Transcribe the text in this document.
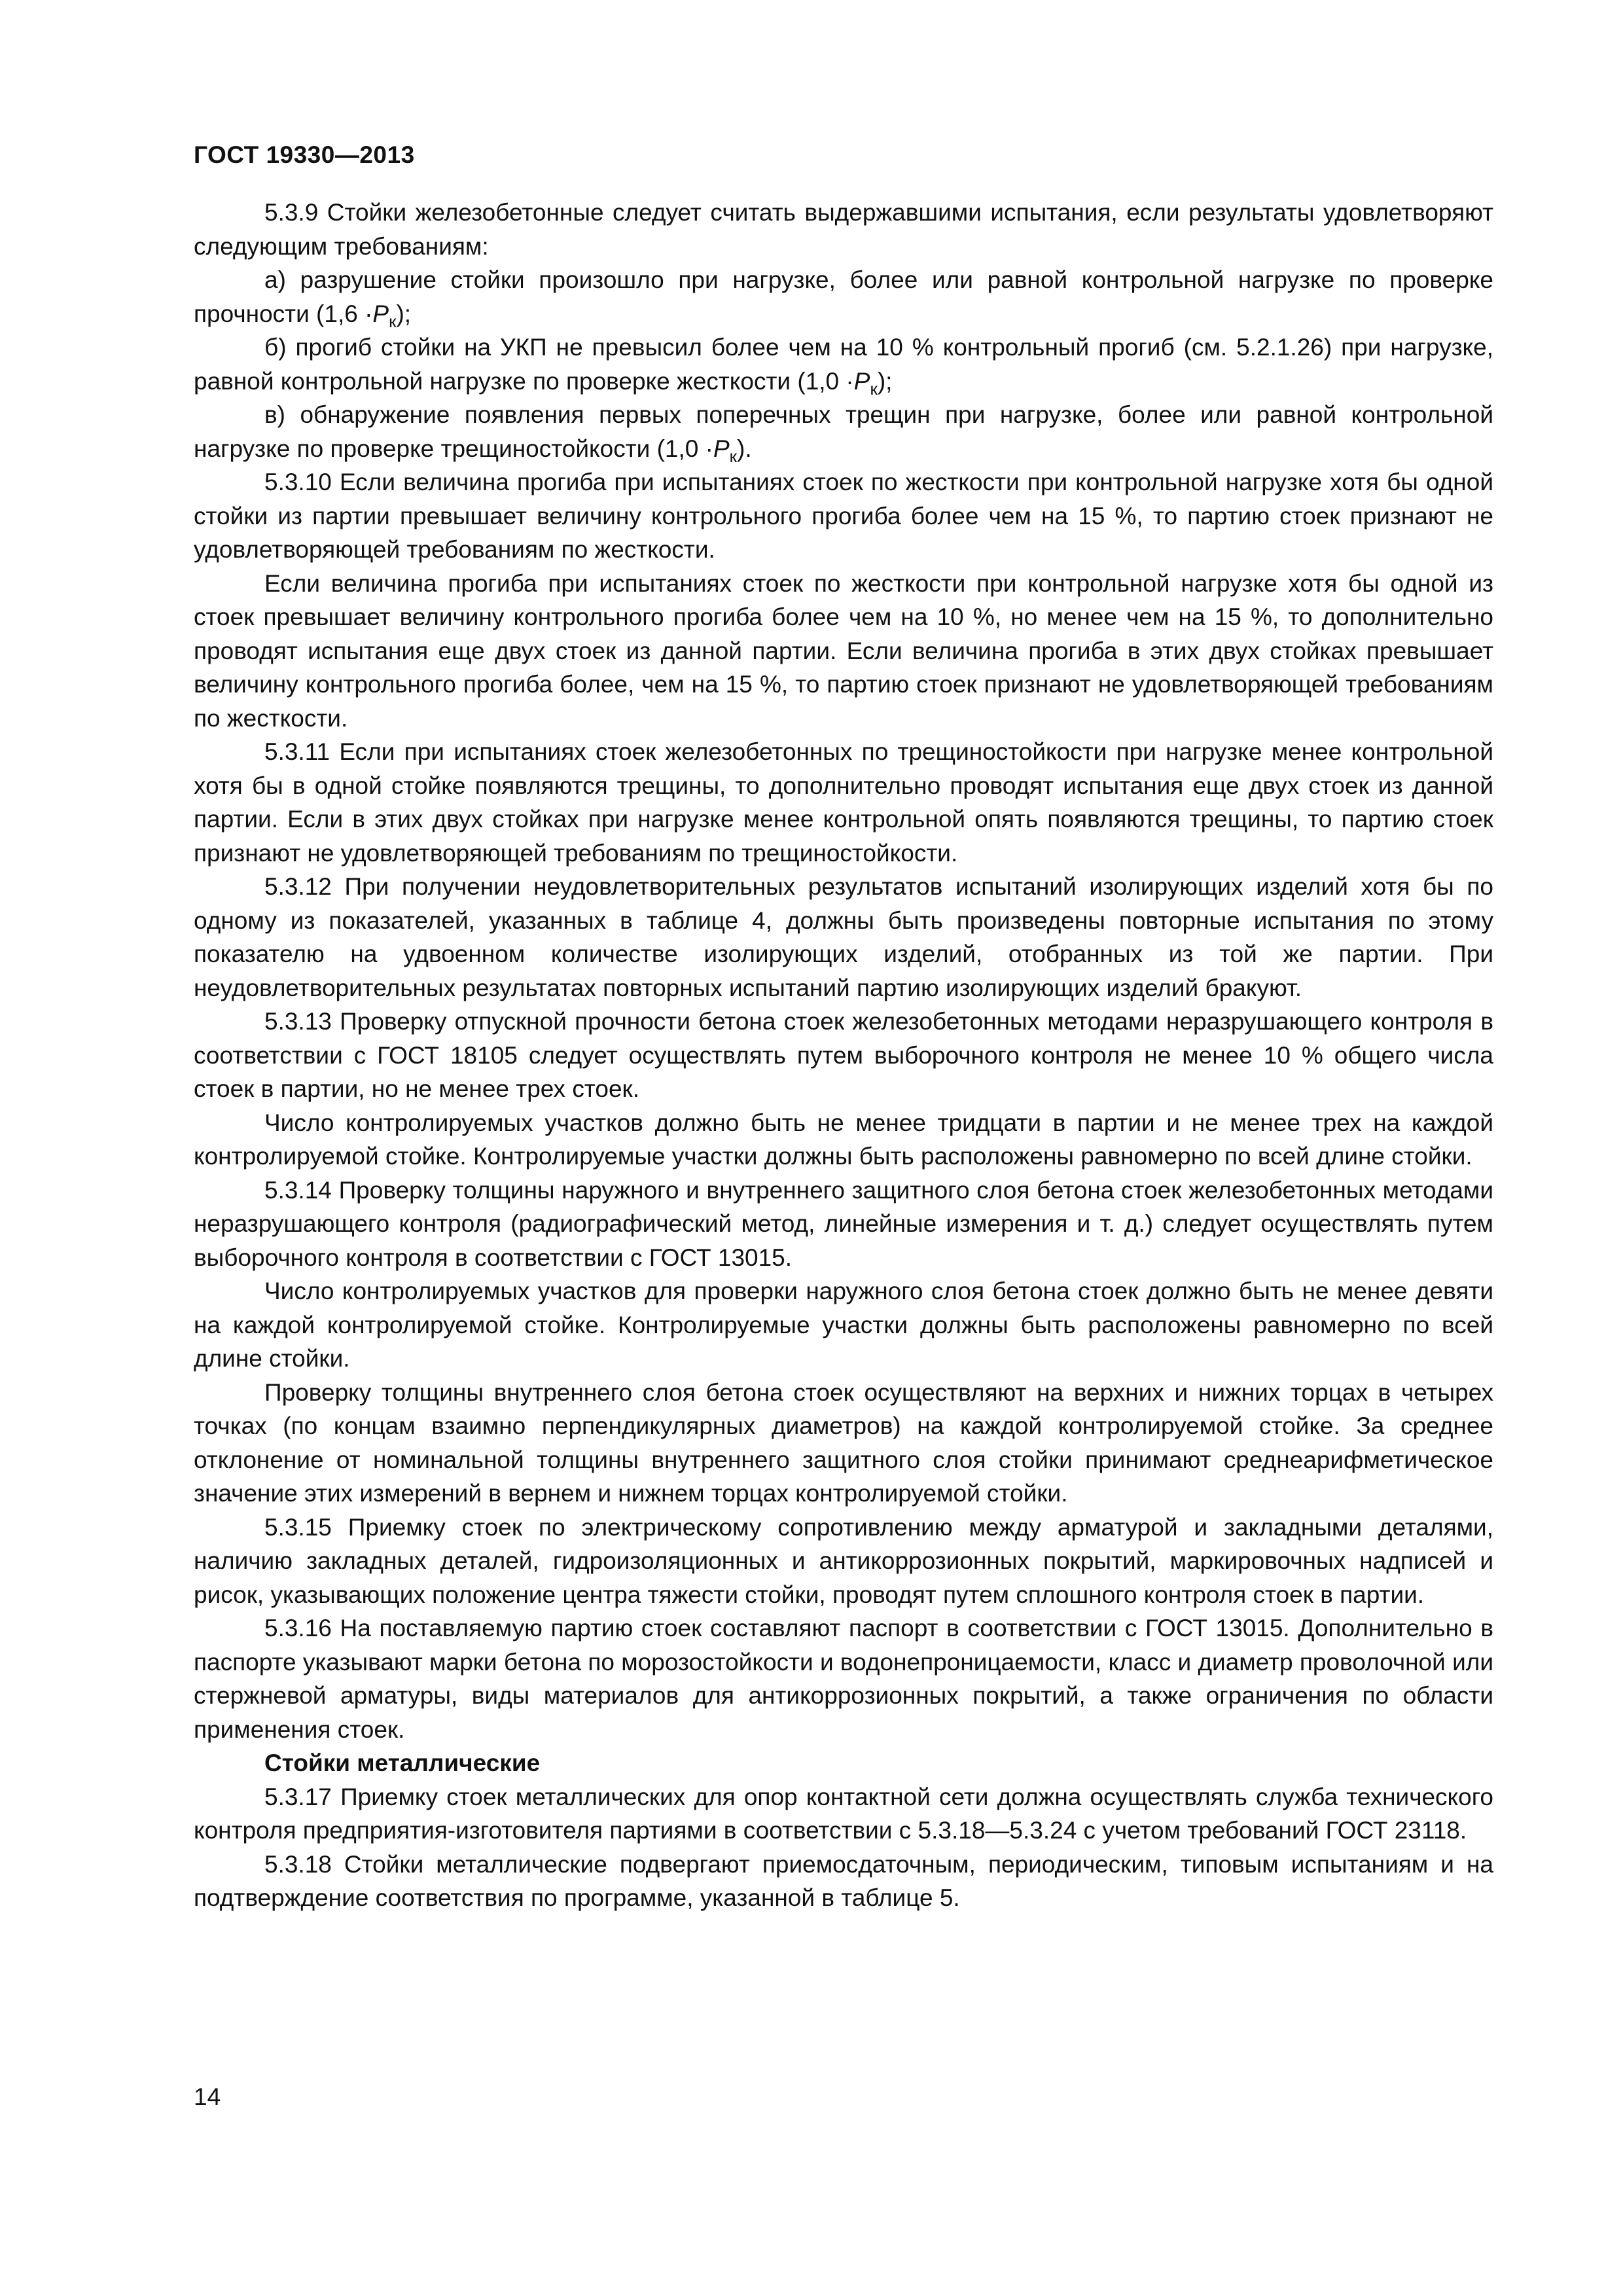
ГОСТ 19330—2013

5.3.9 Стойки железобетонные следует считать выдержавшими испытания, если результаты удовлетворяют следующим требованиям:

а) разрушение стойки произошло при нагрузке, более или равной контрольной нагрузке по проверке прочности $(1,6 \cdot P_к)$;

б) прогиб стойки на УКП не превысил более чем на 10 % контрольный прогиб (см. 5.2.1.26) при нагрузке, равной контрольной нагрузке по проверке жесткости $(1,0 \cdot P_к)$;

в) обнаружение появления первых поперечных трещин при нагрузке, более или равной контрольной нагрузке по проверке трещиностойкости $(1,0 \cdot P_к)$.

5.3.10 Если величина прогиба при испытаниях стоек по жесткости при контрольной нагрузке хотя бы одной стойки из партии превышает величину контрольного прогиба более чем на 15 %, то партию стоек признают не удовлетворяющей требованиям по жесткости.

Если величина прогиба при испытаниях стоек по жесткости при контрольной нагрузке хотя бы одной из стоек превышает величину контрольного прогиба более чем на 10 %, но менее чем на 15 %, то дополнительно проводят испытания еще двух стоек из данной партии. Если величина прогиба в этих двух стойках превышает величину контрольного прогиба более, чем на 15 %, то партию стоек признают не удовлетворяющей требованиям по жесткости.

5.3.11 Если при испытаниях стоек железобетонных по трещиностойкости при нагрузке менее контрольной хотя бы в одной стойке появляются трещины, то дополнительно проводят испытания еще двух стоек из данной партии. Если в этих двух стойках при нагрузке менее контрольной опять появляются трещины, то партию стоек признают не удовлетворяющей требованиям по трещиностойкости.

5.3.12 При получении неудовлетворительных результатов испытаний изолирующих изделий хотя бы по одному из показателей, указанных в таблице 4, должны быть произведены повторные испытания по этому показателю на удвоенном количестве изолирующих изделий, отобранных из той же партии. При неудовлетворительных результатах повторных испытаний партию изолирующих изделий бракуют.

5.3.13 Проверку отпускной прочности бетона стоек железобетонных методами неразрушающего контроля в соответствии с ГОСТ 18105 следует осуществлять путем выборочного контроля не менее 10 % общего числа стоек в партии, но не менее трех стоек.

Число контролируемых участков должно быть не менее тридцати в партии и не менее трех на каждой контролируемой стойке. Контролируемые участки должны быть расположены равномерно по всей длине стойки.

5.3.14 Проверку толщины наружного и внутреннего защитного слоя бетона стоек железобетонных методами неразрушающего контроля (радиографический метод, линейные измерения и т. д.) следует осуществлять путем выборочного контроля в соответствии с ГОСТ 13015.

Число контролируемых участков для проверки наружного слоя бетона стоек должно быть не менее девяти на каждой контролируемой стойке. Контролируемые участки должны быть расположены равномерно по всей длине стойки.

Проверку толщины внутреннего слоя бетона стоек осуществляют на верхних и нижних торцах в четырех точках (по концам взаимно перпендикулярных диаметров) на каждой контролируемой стойке. За среднее отклонение от номинальной толщины внутреннего защитного слоя стойки принимают среднеарифметическое значение этих измерений в вернем и нижнем торцах контролируемой стойки.

5.3.15 Приемку стоек по электрическому сопротивлению между арматурой и закладными деталями, наличию закладных деталей, гидроизоляционных и антикоррозионных покрытий, маркировочных надписей и рисок, указывающих положение центра тяжести стойки, проводят путем сплошного контроля стоек в партии.

5.3.16 На поставляемую партию стоек составляют паспорт в соответствии с ГОСТ 13015. Дополнительно в паспорте указывают марки бетона по морозостойкости и водонепроницаемости, класс и диаметр проволочной или стержневой арматуры, виды материалов для антикоррозионных покрытий, а также ограничения по области применения стоек.

Стойки металлические

5.3.17 Приемку стоек металлических для опор контактной сети должна осуществлять служба технического контроля предприятия-изготовителя партиями в соответствии с 5.3.18—5.3.24 с учетом требований ГОСТ 23118.

5.3.18 Стойки металлические подвергают приемосдаточным, периодическим, типовым испытаниям и на подтверждение соответствия по программе, указанной в таблице 5.

14
